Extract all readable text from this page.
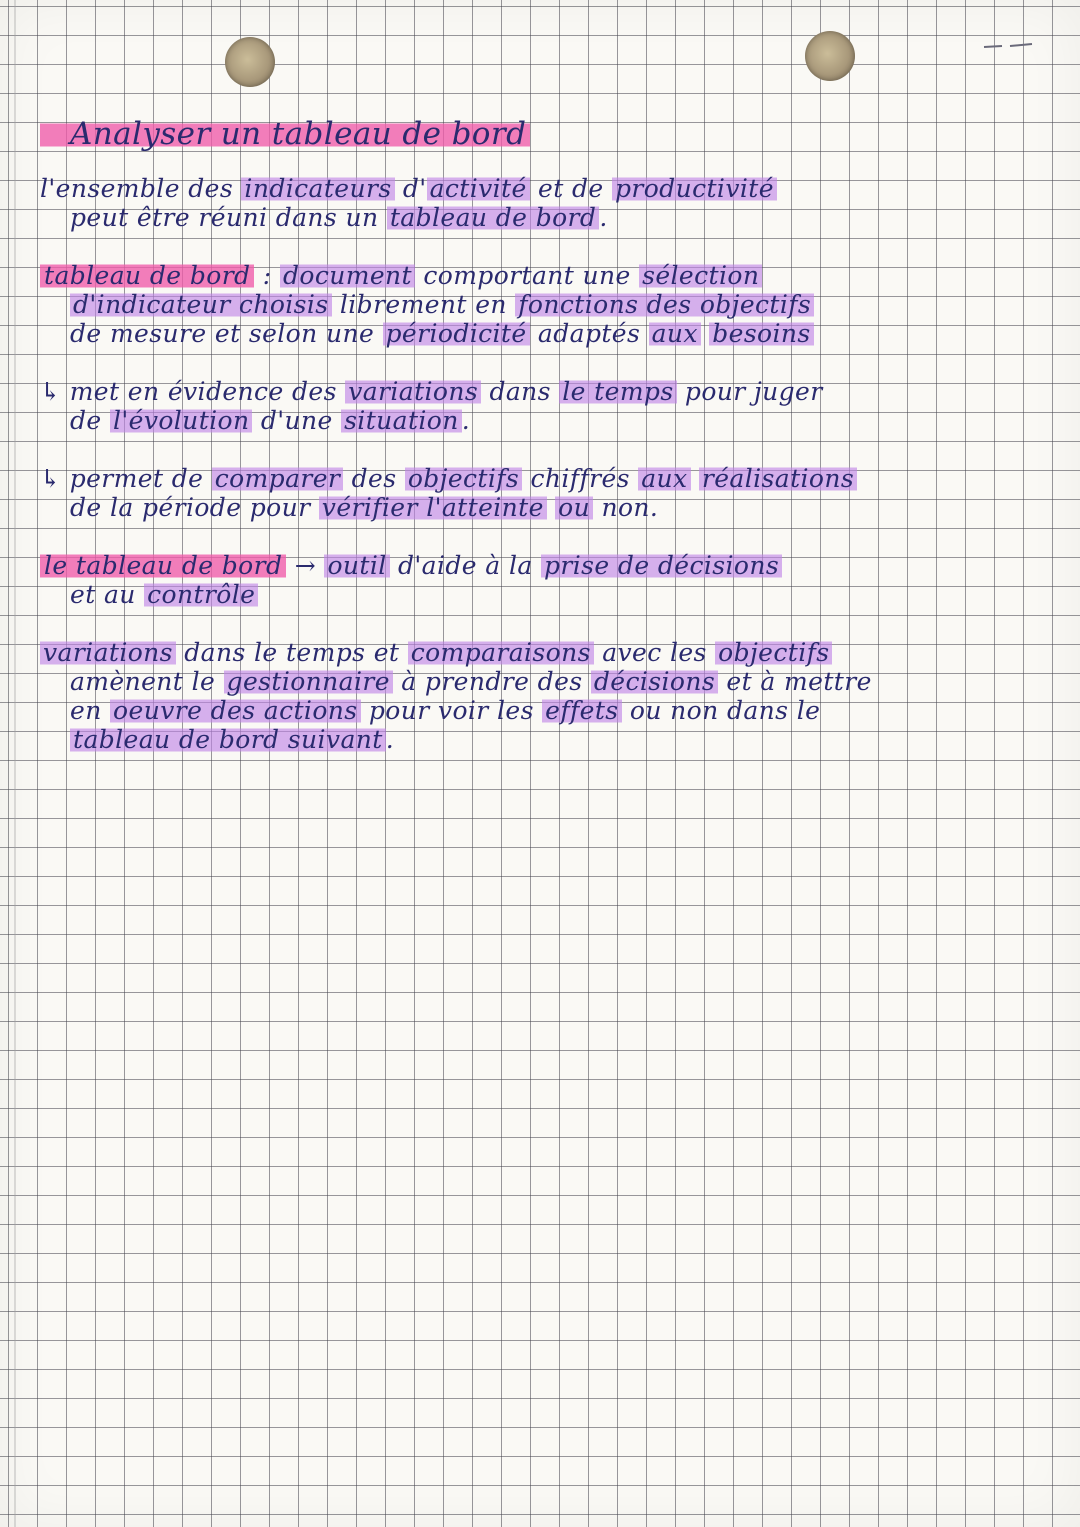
Analyser un tableau de bord
l'ensemble des indicateurs d' activité et de productivité
peut être réuni dans un tableau de bord .
tableau de bord : document comportant une sélection
d'indicateur choisis librement en fonctions des objectifs
de mesure et selon une périodicité adaptés aux besoins
↳ met en évidence des variations dans le temps pour juger
de l'évolution d'une situation .
↳ permet de comparer des objectifs chiffrés aux réalisations
de la période pour vérifier l'atteinte ou non.
le tableau de bord → outil d'aide à la prise de décisions
et au contrôle
variations dans le temps et comparaisons avec les objectifs
amènent le gestionnaire à prendre des décisions et à mettre
en oeuvre des actions pour voir les effets ou non dans le
tableau de bord suivant .
